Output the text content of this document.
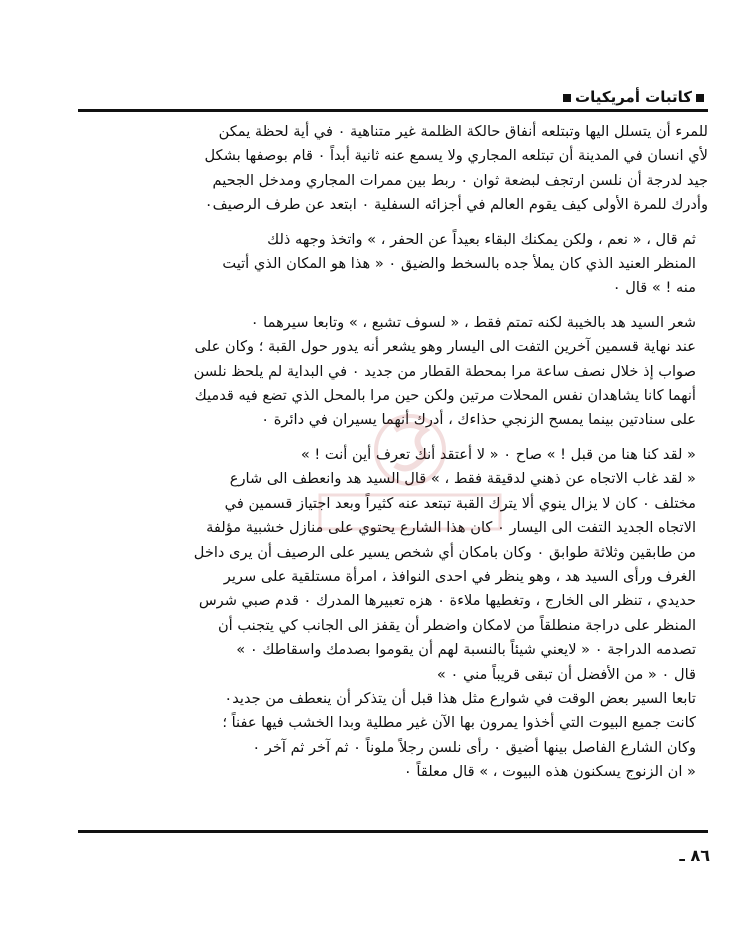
كاتبات أمريكيات
للمرء أن يتسلل اليها وتبتلعه أنفاق حالكة الظلمة غير متناهية ٠ في أية لحظة يمكن
لأي انسان في المدينة أن تبتلعه المجاري ولا يسمع عنه ثانية أبداً ٠ قام بوصفها بشكل
جيد لدرجة أن نلسن ارتجف لبضعة ثوان ٠ ربط بين ممرات المجاري ومدخل الجحيم
وأدرك للمرة الأولى كيف يقوم العالم في أجزائه السفلية ٠ ابتعد عن طرف الرصيف٠
ثم قال ، « نعم ، ولكن يمكنك البقاء بعيداً عن الحفر ، » واتخذ وجهه ذلك
المنظر العنيد الذي كان يملأ جده بالسخط والضيق ٠ « هذا هو المكان الذي أتيت
منه ! » قال ٠
شعر السيد هد بالخيبة لكنه تمتم فقط ، « لسوف تشبع ، » وتابعا سيرهما ٠
عند نهاية قسمين آخرين التفت الى اليسار وهو يشعر أنه يدور حول القبة ؛ وكان على
صواب إذ خلال نصف ساعة مرا بمحطة القطار من جديد ٠ في البداية لم يلحظ نلسن
أنهما كانا يشاهدان نفس المحلات مرتين ولكن حين مرا بالمحل الذي تضع فيه قدميك
على سنادتين بينما يمسح الزنجي حذاءك ، أدرك أنهما يسيران في دائرة ٠
« لقد كنا هنا من قبل ! » صاح ٠ « لا أعتقد أنك تعرف أين أنت ! »
« لقد غاب الاتجاه عن ذهني لدقيقة فقط ، » قال السيد هد وانعطف الى شارع
مختلف ٠ كان لا يزال ينوي ألا يترك القبة تبتعد عنه كثيراً وبعد اجتياز قسمين في
الاتجاه الجديد التفت الى اليسار ٠ كان هذا الشارع يحتوي على منازل خشبية مؤلفة
من طابقين وثلاثة طوابق ٠ وكان بامكان أي شخص يسير على الرصيف أن يرى داخل
الغرف ورأى السيد هد ، وهو ينظر في احدى النوافذ ، امرأة مستلقية على سرير
حديدي ، تنظر الى الخارج ، وتغطيها ملاءة ٠ هزه تعبيرها المدرك ٠ قدم صبي شرس
المنظر على دراجة منطلقاً من لامكان واضطر أن يقفز الى الجانب كي يتجنب أن
تصدمه الدراجة ٠ « لايعني شيئاً بالنسبة لهم أن يقوموا بصدمك واسقاطك ٠ »
قال ٠ « من الأفضل أن تبقى قريباً مني ٠ »
تابعا السير بعض الوقت في شوارع مثل هذا قبل أن يتذكر أن ينعطف من جديد٠
كانت جميع البيوت التي أخذوا يمرون بها الآن غير مطلية وبدا الخشب فيها عفناً ؛
وكان الشارع الفاصل بينها أضيق ٠ رأى نلسن رجلاً ملوناً ٠ ثم آخر ثم آخر ٠
« ان الزنوج يسكنون هذه البيوت ، » قال معلقاً ٠
٨٦ ـ
